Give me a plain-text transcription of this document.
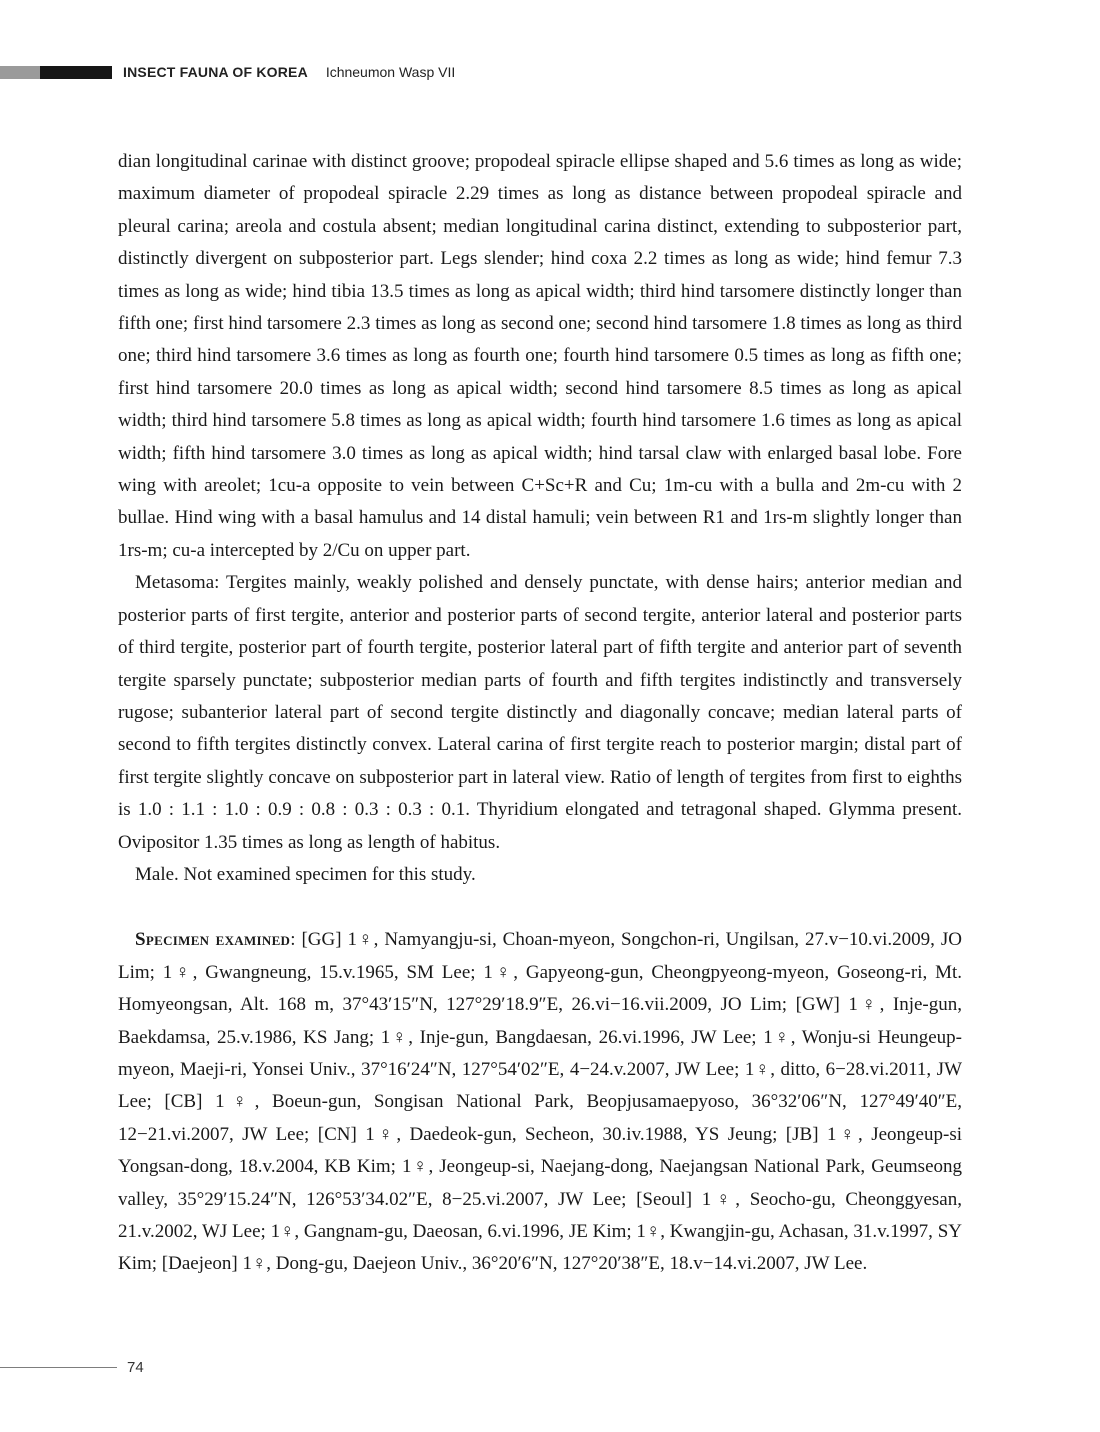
INSECT FAUNA OF KOREA Ichneumon Wasp VII

dian longitudinal carinae with distinct groove; propodeal spiracle ellipse shaped and 5.6 times as long as wide; maximum diameter of propodeal spiracle 2.29 times as long as distance between propodeal spiracle and pleural carina; areola and costula absent; median longitudinal carina distinct, extending to subposterior part, distinctly divergent on subposterior part. Legs slender; hind coxa 2.2 times as long as wide; hind femur 7.3 times as long as wide; hind tibia 13.5 times as long as apical width; third hind tarsomere distinctly longer than fifth one; first hind tarsomere 2.3 times as long as second one; second hind tarsomere 1.8 times as long as third one; third hind tarsomere 3.6 times as long as fourth one; fourth hind tarsomere 0.5 times as long as fifth one; first hind tarsomere 20.0 times as long as apical width; second hind tarsomere 8.5 times as long as apical width; third hind tarsomere 5.8 times as long as apical width; fourth hind tarsomere 1.6 times as long as apical width; fifth hind tarsomere 3.0 times as long as apical width; hind tarsal claw with enlarged basal lobe. Fore wing with areolet; 1cu-a opposite to vein between C+Sc+R and Cu; 1m-cu with a bulla and 2m-cu with 2 bullae. Hind wing with a basal hamulus and 14 distal hamuli; vein between R1 and 1rs-m slightly longer than 1rs-m; cu-a intercepted by 2/Cu on upper part.

Metasoma: Tergites mainly, weakly polished and densely punctate, with dense hairs; anterior median and posterior parts of first tergite, anterior and posterior parts of second tergite, anterior lateral and posterior parts of third tergite, posterior part of fourth tergite, posterior lateral part of fifth tergite and anterior part of seventh tergite sparsely punctate; subposterior median parts of fourth and fifth tergites indistinctly and transversely rugose; subanterior lateral part of second tergite distinctly and diagonally concave; median lateral parts of second to fifth tergites distinctly convex. Lateral carina of first tergite reach to posterior margin; distal part of first tergite slightly concave on subposterior part in lateral view. Ratio of length of tergites from first to eighths is 1.0 : 1.1 : 1.0 : 0.9 : 0.8 : 0.3 : 0.3 : 0.1. Thyridium elongated and tetragonal shaped. Glymma present. Ovipositor 1.35 times as long as length of habitus.

Male. Not examined specimen for this study.

Specimen examined: [GG] 1♀, Namyangju-si, Choan-myeon, Songchon-ri, Ungilsan, 27.v−10.vi.2009, JO Lim; 1♀, Gwangneung, 15.v.1965, SM Lee; 1♀, Gapyeong-gun, Cheongpyeong-myeon, Goseong-ri, Mt. Homyeongsan, Alt. 168 m, 37°43′15″N, 127°29′18.9″E, 26.vi−16.vii.2009, JO Lim; [GW] 1♀, Inje-gun, Baekdamsa, 25.v.1986, KS Jang; 1♀, Inje-gun, Bangdaesan, 26.vi.1996, JW Lee; 1♀, Wonju-si Heungeup-myeon, Maeji-ri, Yonsei Univ., 37°16′24″N, 127°54′02″E, 4−24.v.2007, JW Lee; 1♀, ditto, 6−28.vi.2011, JW Lee; [CB] 1♀, Boeun-gun, Songisan National Park, Beopjusamaepyoso, 36°32′06″N, 127°49′40″E, 12−21.vi.2007, JW Lee; [CN] 1♀, Daedeok-gun, Secheon, 30.iv.1988, YS Jeung; [JB] 1♀, Jeongeup-si Yongsan-dong, 18.v.2004, KB Kim; 1♀, Jeongeup-si, Naejang-dong, Naejangsan National Park, Geumseong valley, 35°29′15.24″N, 126°53′34.02″E, 8−25.vi.2007, JW Lee; [Seoul] 1♀, Seocho-gu, Cheonggyesan, 21.v.2002, WJ Lee; 1♀, Gangnam-gu, Daeosan, 6.vi.1996, JE Kim; 1♀, Kwangjin-gu, Achasan, 31.v.1997, SY Kim; [Daejeon] 1♀, Dong-gu, Daejeon Univ., 36°20′6″N, 127°20′38″E, 18.v−14.vi.2007, JW Lee.

74
